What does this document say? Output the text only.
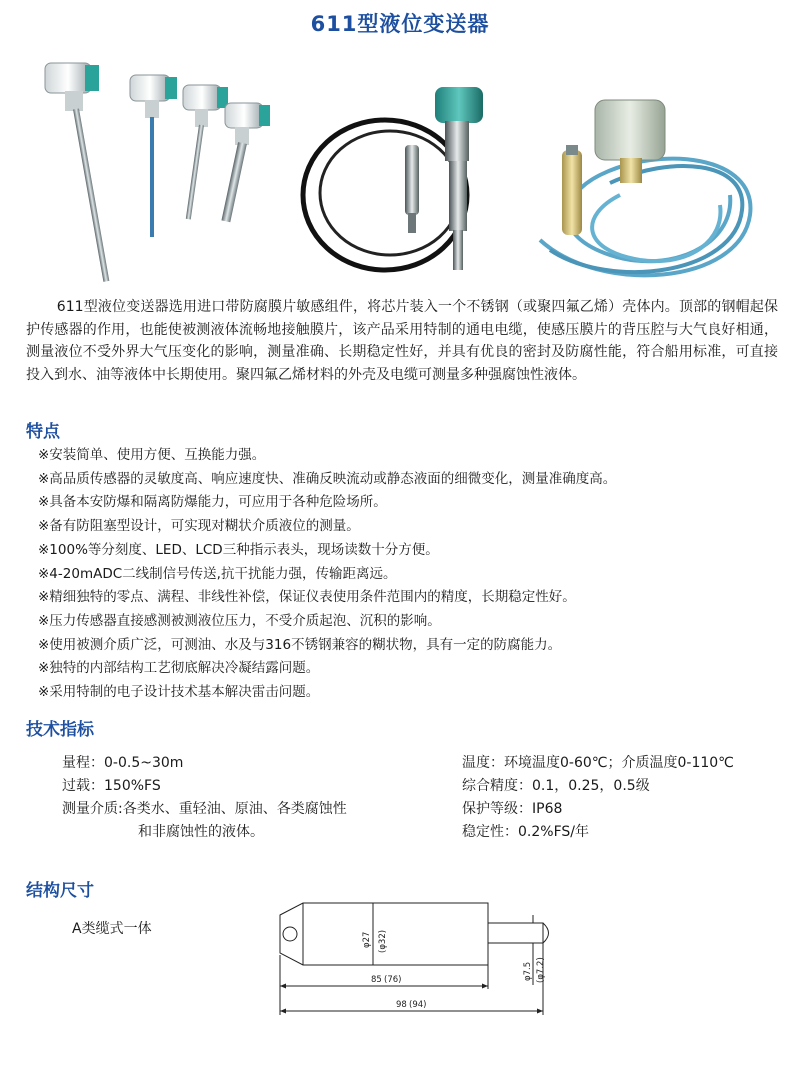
611型液位变送器

611型液位变送器选用进口带防腐膜片敏感组件，将芯片装入一个不锈钢（或聚四氟乙烯）壳体内。顶部的钢帽起保护传感器的作用，也能使被测液体流畅地接触膜片，该产品采用特制的通电电缆，使感压膜片的背压腔与大气良好相通，测量液位不受外界大气压变化的影响，测量准确、长期稳定性好，并具有优良的密封及防腐性能，符合船用标准，可直接投入到水、油等液体中长期使用。聚四氟乙烯材料的外壳及电缆可测量多种强腐蚀性液体。

特点
※安装简单、使用方便、互换能力强。
※高品质传感器的灵敏度高、响应速度快、准确反映流动或静态液面的细微变化，测量准确度高。
※具备本安防爆和隔离防爆能力，可应用于各种危险场所。
※备有防阻塞型设计，可实现对糊状介质液位的测量。
※100%等分刻度、LED、LCD三种指示表头，现场读数十分方便。
※4-20mADC二线制信号传送,抗干扰能力强，传输距离远。
※精细独特的零点、满程、非线性补偿，保证仪表使用条件范围内的精度，长期稳定性好。
※压力传感器直接感测被测液位压力，不受介质起泡、沉积的影响。
※使用被测介质广泛，可测油、水及与316不锈钢兼容的糊状物，具有一定的防腐能力。
※独特的内部结构工艺彻底解决冷凝结露问题。
※采用特制的电子设计技术基本解决雷击问题。
技术指标
量程：0-0.5~30m
过载：150%FS
测量介质:各类水、重轻油、原油、各类腐蚀性
和非腐蚀性的液体。
温度：环境温度0-60℃；介质温度0-110℃
综合精度：0.1，0.25，0.5级
保护等级：IP68
稳定性：0.2%FS/年
结构尺寸
A类缆式一体
φ27 (φ32)
φ7.5 (φ7.2)
85 (76)
98 (94)
